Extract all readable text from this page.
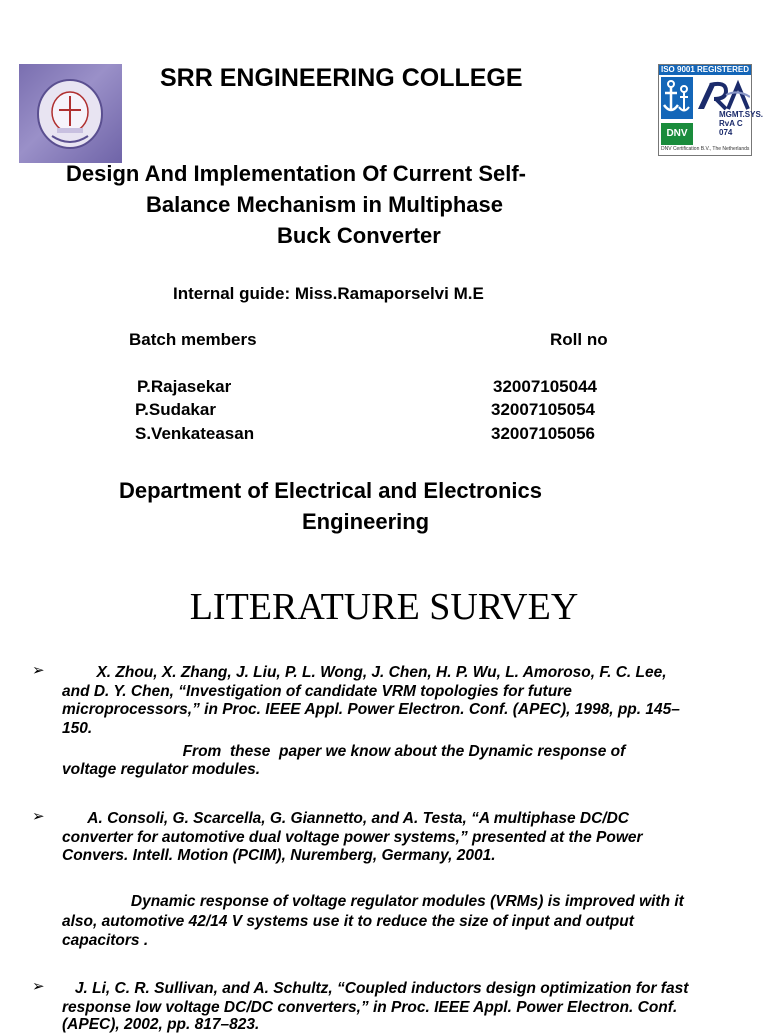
SRR ENGINEERING COLLEGE	ISO 9001 REGISTERED
DNV
MGMT.SYS.
RvA C 074
DNV Certification B.V., The Netherlands
Design And Implementation Of Current Self-
Balance Mechanism in Multiphase
Buck Converter
Internal guide: Miss.Ramaporselvi M.E
Batch members	Roll no
P.Rajasekar	32007105044
P.Sudakar	32007105054
S.Venkateasan	32007105056
Department of Electrical and Electronics
Engineering
LITERATURE SURVEY
➢ X. Zhou, X. Zhang, J. Liu, P. L. Wong, J. Chen, H. P. Wu, L. Amoroso, F. C. Lee,
and D. Y. Chen, “Investigation of candidate VRM topologies for future
microprocessors,” in Proc. IEEE Appl. Power Electron. Conf. (APEC), 1998, pp. 145–
150.
From  these  paper we know about the Dynamic response of
voltage regulator modules.
➢ A. Consoli, G. Scarcella, G. Giannetto, and A. Testa, “A multiphase DC/DC
converter for automotive dual voltage power systems,” presented at the Power
Convers. Intell. Motion (PCIM), Nuremberg, Germany, 2001.
Dynamic response of voltage regulator modules (VRMs) is improved with it
also, automotive 42/14 V systems use it to reduce the size of input and output
capacitors .
➢ J. Li, C. R. Sullivan, and A. Schultz, “Coupled inductors design optimization for fast
response low voltage DC/DC converters,” in Proc. IEEE Appl. Power Electron. Conf.
(APEC), 2002, pp. 817–823.
